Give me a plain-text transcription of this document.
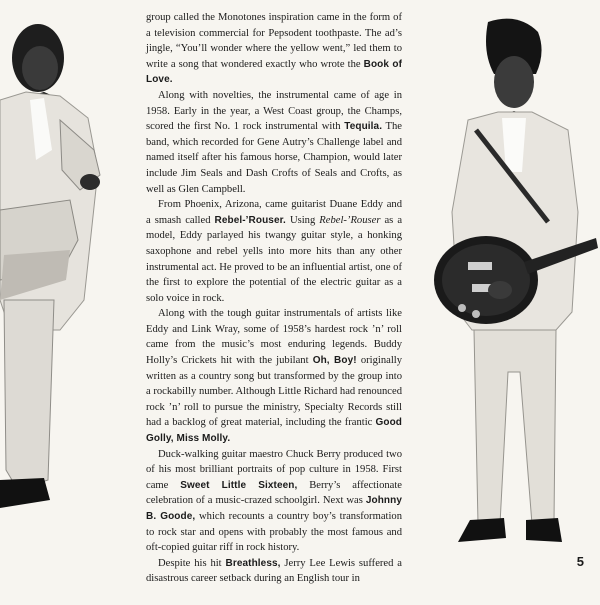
group called the Monotones inspiration came in the form of a television commercial for Pepsodent toothpaste. The ad’s jingle, “You’ll wonder where the yellow went,” led them to write a song that wondered exactly who wrote the Book of Love.

Along with novelties, the instrumental came of age in 1958. Early in the year, a West Coast group, the Champs, scored the first No. 1 rock instrumental with Tequila. The band, which recorded for Gene Autry’s Challenge label and named itself after his famous horse, Champion, would later include Jim Seals and Dash Crofts of Seals and Crofts, as well as Glen Campbell.

From Phoenix, Arizona, came guitarist Duane Eddy and a smash called Rebel-’Rouser. Using Rebel-’Rouser as a model, Eddy parlayed his twangy guitar style, a honking saxophone and rebel yells into more hits than any other instrumental act. He proved to be an influential artist, one of the first to explore the potential of the electric guitar as a solo voice in rock.

Along with the tough guitar instrumentals of artists like Eddy and Link Wray, some of 1958’s hardest rock ’n’ roll came from the music’s most enduring legends. Buddy Holly’s Crickets hit with the jubilant Oh, Boy! originally written as a country song but transformed by the group into a rockabilly number. Although Little Richard had renounced rock ’n’ roll to pursue the ministry, Specialty Records still had a backlog of great material, including the frantic Good Golly, Miss Molly.

Duck-walking guitar maestro Chuck Berry produced two of his most brilliant portraits of pop culture in 1958. First came Sweet Little Sixteen, Berry’s affectionate celebration of a music-crazed schoolgirl. Next was Johnny B. Goode, which recounts a country boy’s transformation to rock star and opens with probably the most famous and oft-copied guitar riff in rock history.

Despite his hit Breathless, Jerry Lee Lewis suffered a disastrous career setback during an English tour in

5
